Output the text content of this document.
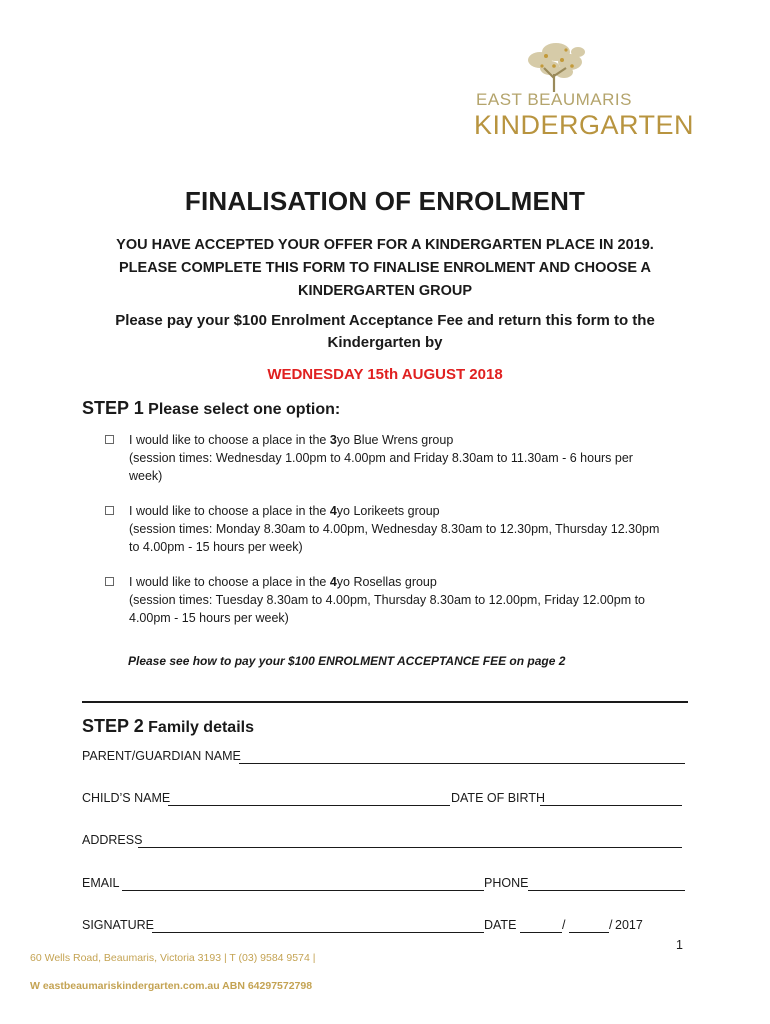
EAST BEAUMARIS
KINDERGARTEN
FINALISATION OF ENROLMENT
YOU HAVE ACCEPTED YOUR OFFER FOR A KINDERGARTEN PLACE IN 2019.
PLEASE COMPLETE THIS FORM TO FINALISE ENROLMENT AND CHOOSE A
KINDERGARTEN GROUP
Please pay your $100 Enrolment Acceptance Fee and return this form to the
Kindergarten by
WEDNESDAY 15th AUGUST 2018
STEP 1 Please select one option:
I would like to choose a place in the 3yo Blue Wrens group
(session times: Wednesday 1.00pm to 4.00pm and Friday 8.30am to 11.30am - 6 hours per
week)
I would like to choose a place in the 4yo Lorikeets group
(session times: Monday 8.30am to 4.00pm, Wednesday 8.30am to 12.30pm, Thursday 12.30pm
to 4.00pm - 15 hours per week)
I would like to choose a place in the 4yo Rosellas group
(session times: Tuesday 8.30am to 4.00pm, Thursday 8.30am to 12.00pm, Friday 12.00pm to
4.00pm - 15 hours per week)
Please see how to pay your $100 ENROLMENT ACCEPTANCE FEE on page 2
STEP 2 Family details
PARENT/GUARDIAN NAME
CHILD’S NAME	DATE OF BIRTH
ADDRESS
EMAIL	PHONE
SIGNATURE	DATE	/	/ 2017
1
60 Wells Road, Beaumaris, Victoria 3193 | T (03) 9584 9574 |
W eastbeaumariskindergarten.com.au ABN 64297572798
